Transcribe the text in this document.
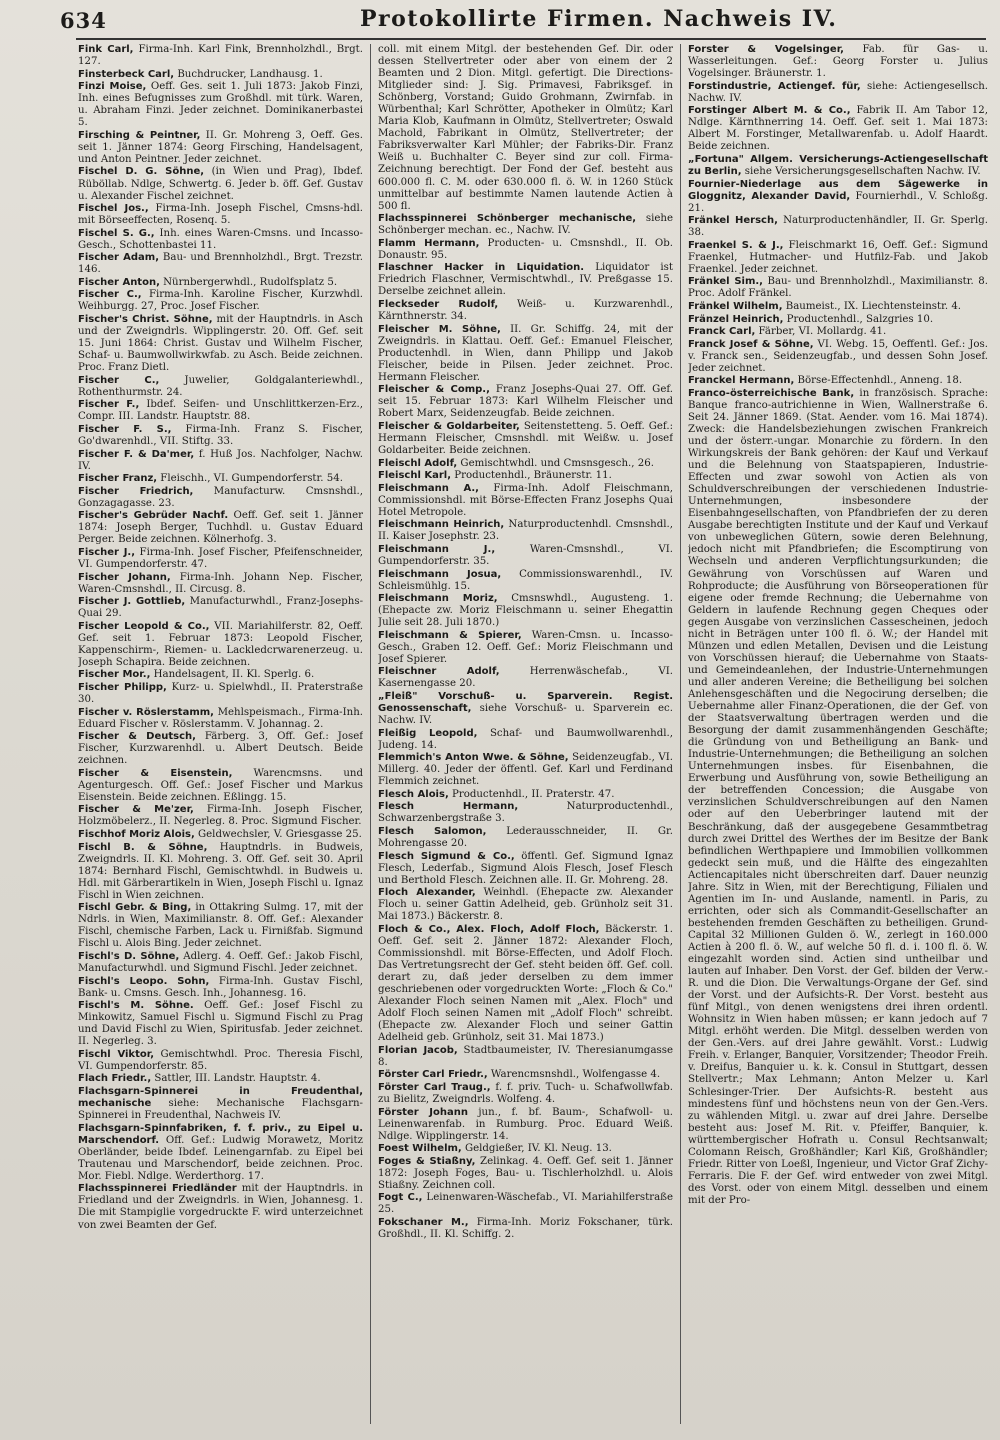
634	Protokollirte Firmen. Nachweis IV.

Fink Carl, Firma-Inh. Karl Fink, Brennholzhdl., Brgt. 127.

Finsterbeck Carl, Buchdrucker, Landhausg. 1.

Finzi Moise, Oeff. Ges. seit 1. Juli 1873: Jakob Finzi, Inh. eines Befugnisses zum Großhdl. mit türk. Waren, u. Abraham Finzi. Jeder zeichnet. Dominikanerbastei 5.

Firsching & Peintner, II. Gr. Mohreng 3, Oeff. Ges. seit 1. Jänner 1874: Georg Firsching, Handelsagent, und Anton Peintner. Jeder zeichnet.

Fischel D. G. Söhne, (in Wien und Prag), Ibdef. Rüböllab. Ndlge, Schwertg. 6. Jeder b. öff. Gef. Gustav u. Alexander Fischel zeichnet.

Fischel Jos., Firma-Inh. Joseph Fischel, Cmsns-hdl. mit Börseeffecten, Rosenq. 5.

Fischel S. G., Inh. eines Waren-Cmsns. und Incasso-Gesch., Schottenbastei 11.

Fischer Adam, Bau- und Brennholzhdl., Brgt. Trezstr. 146.

Fischer Anton, Nürnbergerwhdl., Rudolfsplatz 5.

Fischer C., Firma-Inh. Karoline Fischer, Kurzwhdl. Weihburgg. 27, Proc. Josef Fischer.

Fischer's Christ. Söhne, mit der Hauptndrls. in Asch und der Zweigndrls. Wipplingerstr. 20. Off. Gef. seit 15. Juni 1864: Christ. Gustav und Wilhelm Fischer, Schaf- u. Baumwollwirkwfab. zu Asch. Beide zeichnen. Proc. Franz Dietl.

Fischer C., Juwelier, Goldgalanteriewhdl., Rothenthurmstr. 24.

Fischer F., Ibdef. Seifen- und Unschlittkerzen-Erz., Compr. III. Landstr. Hauptstr. 88.

Fischer F. S., Firma-Inh. Franz S. Fischer, Go'dwarenhdl., VII. Stiftg. 33.

Fischer F. & Da'mer, f. Huß Jos. Nachfolger, Nachw. IV.

Fischer Franz, Fleischh., VI. Gumpendorferstr. 54.

Fischer Friedrich, Manufacturw. Cmsnshdl., Gonzagagasse. 23.

Fischer's Gebrüder Nachf. Oeff. Gef. seit 1. Jänner 1874: Joseph Berger, Tuchhdl. u. Gustav Eduard Perger. Beide zeichnen. Kölnerhofg. 3.

Fischer J., Firma-Inh. Josef Fischer, Pfeifenschneider, VI. Gumpendorferstr. 47.

Fischer Johann, Firma-Inh. Johann Nep. Fischer, Waren-Cmsnshdl., II. Circusg. 8.

Fischer J. Gottlieb, Manufacturwhdl., Franz-Josephs-Quai 29.

Fischer Leopold & Co., VII. Mariahilferstr. 82, Oeff. Gef. seit 1. Februar 1873: Leopold Fischer, Kappenschirm-, Riemen- u. Lackledcrwarenerzeug. u. Joseph Schapira. Beide zeichnen.

Fischer Mor., Handelsagent, II. Kl. Sperlg. 6.

Fischer Philipp, Kurz- u. Spielwhdl., II. Praterstraße 30.

Fischer v. Röslerstamm, Mehlspeismach., Firma-Inh. Eduard Fischer v. Röslerstamm. V. Johannag. 2.

Fischer & Deutsch, Färberg. 3, Off. Gef.: Josef Fischer, Kurzwarenhdl. u. Albert Deutsch. Beide zeichnen.

Fischer & Eisenstein, Warencmsns. und Agenturgesch. Off. Gef.: Josef Fischer und Markus Eisenstein. Beide zeichnen. Eßlingg. 15.

Fischer & Me'zer, Firma-Inh. Joseph Fischer, Holzmöbelerz., II. Negerleg. 8. Proc. Sigmund Fischer.

Fischhof Moriz Alois, Geldwechsler, V. Griesgasse 25.

Fischl B. & Söhne, Hauptndrls. in Budweis, Zweigndrls. II. Kl. Mohreng. 3. Off. Gef. seit 30. April 1874: Bernhard Fischl, Gemischtwhdl. in Budweis u. Hdl. mit Gärberartikeln in Wien, Joseph Fischl u. Ignaz Fischl in Wien zeichnen.

Fischl Gebr. & Bing, in Ottakring Sulmg. 17, mit der Ndrls. in Wien, Maximilianstr. 8. Off. Gef.: Alexander Fischl, chemische Farben, Lack u. Firnißfab. Sigmund Fischl u. Alois Bing. Jeder zeichnet.

Fischl's D. Söhne, Adlerg. 4. Oeff. Gef.: Jakob Fischl, Manufacturwhdl. und Sigmund Fischl. Jeder zeichnet.

Fischl's Leopo. Sohn, Firma-Inh. Gustav Fischl, Bank- u. Cmsns. Gesch. Inh., Johannesg. 16.

Fischl's M. Söhne. Oeff. Gef.: Josef Fischl zu Minkowitz, Samuel Fischl u. Sigmund Fischl zu Prag und David Fischl zu Wien, Spiritusfab. Jeder zeichnet. II. Negerleg. 3.

Fischl Viktor, Gemischtwhdl. Proc. Theresia Fischl, VI. Gumpendorferstr. 85.

Flach Friedr., Sattler, III. Landstr. Hauptstr. 4.

Flachsgarn-Spinnerei in Freudenthal, mechanische siehe: Mechanische Flachsgarn-Spinnerei in Freudenthal, Nachweis IV.

Flachsgarn-Spinnfabriken, f. f. priv., zu Eipel u. Marschendorf. Off. Gef.: Ludwig Morawetz, Moritz Oberländer, beide Ibdef. Leinengarnfab. zu Eipel bei Trautenau und Marschendorf, beide zeichnen. Proc. Mor. Fiebl. Ndlge. Werderthorg. 17.

Flachsspinnerei Friedländer mit der Hauptndrls. in Friedland und der Zweigndrls. in Wien, Johannesg. 1. Die mit Stampiglie vorgedruckte F. wird unterzeichnet von zwei Beamten der Gef.

coll. mit einem Mitgl. der bestehenden Gef. Dir. oder dessen Stellvertreter oder aber von einem der 2 Beamten und 2 Dion. Mitgl. gefertigt. Die Directions-Mitglieder sind: J. Sig. Primavesi, Fabriksgef. in Schönberg, Vorstand; Guido Grohmann, Zwirnfab. in Würbenthal; Karl Schrötter, Apotheker in Olmütz; Karl Maria Klob, Kaufmann in Olmütz, Stellvertreter; Oswald Machold, Fabrikant in Olmütz, Stellvertreter; der Fabriksverwalter Karl Mühler; der Fabriks-Dir. Franz Weiß u. Buchhalter C. Beyer sind zur coll. Firma-Zeichnung berechtigt. Der Fond der Gef. besteht aus 600.000 fl. C. M. oder 630.000 fl. ö. W. in 1260 Stück unmittelbar auf bestimmte Namen lautende Actien à 500 fl.

Flachsspinnerei Schönberger mechanische, siehe Schönberger mechan. ec., Nachw. IV.

Flamm Hermann, Producten- u. Cmsnshdl., II. Ob. Donaustr. 95.

Flaschner Hacker in Liquidation. Liquidator ist Friedrich Flaschner, Vermischtwhdl., IV. Preßgasse 15. Derselbe zeichnet allein.

Fleckseder Rudolf, Weiß- u. Kurzwarenhdl., Kärnthnerstr. 34.

Fleischer M. Söhne, II. Gr. Schiffg. 24, mit der Zweigndrls. in Klattau. Oeff. Gef.: Emanuel Fleischer, Productenhdl. in Wien, dann Philipp und Jakob Fleischer, beide in Pilsen. Jeder zeichnet. Proc. Hermann Fleischer.

Fleischer & Comp., Franz Josephs-Quai 27. Off. Gef. seit 15. Februar 1873: Karl Wilhelm Fleischer und Robert Marx, Seidenzeugfab. Beide zeichnen.

Fleischer & Goldarbeiter, Seitenstetteng. 5. Oeff. Gef.: Hermann Fleischer, Cmsnshdl. mit Weißw. u. Josef Goldarbeiter. Beide zeichnen.

Fleischl Adolf, Gemischtwhdl. und Cmsnsgesch., 26.

Fleischl Karl, Productenhdl., Bräunerstr. 11.

Fleischmann A., Firma-Inh. Adolf Fleischmann, Commissionshdl. mit Börse-Effecten Franz Josephs Quai Hotel Metropole.

Fleischmann Heinrich, Naturproductenhdl. Cmsnshdl., II. Kaiser Josephstr. 23.

Fleischmann J., Waren-Cmsnshdl., VI. Gumpendorferstr. 35.

Fleischmann Josua, Commissionswarenhdl., IV. Schleismühlg. 15.

Fleischmann Moriz, Cmsnswhdl., Augusteng. 1. (Ehepacte zw. Moriz Fleischmann u. seiner Ehegattin Julie seit 28. Juli 1870.)

Fleischmann & Spierer, Waren-Cmsn. u. Incasso-Gesch., Graben 12. Oeff. Gef.: Moriz Fleischmann und Josef Spierer.

Fleischner Adolf, Herrenwäschefab., VI. Kasernengasse 20.

„Fleiß" Vorschuß- u. Sparverein. Regist. Genossenschaft, siehe Vorschuß- u. Sparverein ec. Nachw. IV.

Fleißig Leopold, Schaf- und Baumwollwarenhdl., Judeng. 14.

Flemmich's Anton Wwe. & Söhne, Seidenzeugfab., VI. Millerg. 40. Jeder der öffentl. Gef. Karl und Ferdinand Flemmich zeichnet.

Flesch Alois, Productenhdl., II. Praterstr. 47.

Flesch Hermann, Naturproductenhdl., Schwarzenbergstraße 3.

Flesch Salomon, Lederausschneider, II. Gr. Mohrengasse 20.

Flesch Sigmund & Co., öffentl. Gef. Sigmund Ignaz Flesch, Lederfab., Sigmund Alois Flesch, Josef Flesch und Berthold Flesch. Zeichnen alle. II. Gr. Mohreng. 28.

Floch Alexander, Weinhdl. (Ehepacte zw. Alexander Floch u. seiner Gattin Adelheid, geb. Grünholz seit 31. Mai 1873.) Bäckerstr. 8.

Floch & Co., Alex. Floch, Adolf Floch, Bäckerstr. 1. Oeff. Gef. seit 2. Jänner 1872: Alexander Floch, Commissionshdl. mit Börse-Effecten, und Adolf Floch. Das Vertretungsrecht der Gef. steht beiden öff. Gef. coll. derart zu, daß jeder derselben zu dem immer geschriebenen oder vorgedruckten Worte: „Floch & Co." Alexander Floch seinen Namen mit „Alex. Floch" und Adolf Floch seinen Namen mit „Adolf Floch" schreibt. (Ehepacte zw. Alexander Floch und seiner Gattin Adelheid geb. Grünholz, seit 31. Mai 1873.)

Florian Jacob, Stadtbaumeister, IV. Theresianumgasse 8.

Förster Carl Friedr., Warencmsnshdl., Wolfengasse 4.

Förster Carl Traug., f. f. priv. Tuch- u. Schafwollwfab. zu Bielitz, Zweigndrls. Wolfeng. 4.

Förster Johann jun., f. bf. Baum-, Schafwoll- u. Leinenwarenfab. in Rumburg. Proc. Eduard Weiß. Ndlge. Wipplingerstr. 14.

Foest Wilhelm, Geldgießer, IV. Kl. Neug. 13.

Foges & Stiaßny, Zelinkag. 4. Oeff. Gef. seit 1. Jänner 1872: Joseph Foges, Bau- u. Tischlerholzhdl. u. Alois Stiaßny. Zeichnen coll.

Fogt C., Leinenwaren-Wäschefab., VI. Mariahilferstraße 25.

Fokschaner M., Firma-Inh. Moriz Fokschaner, türk. Großhdl., II. Kl. Schiffg. 2.

Forster & Vogelsinger, Fab. für Gas- u. Wasserleitungen. Gef.: Georg Forster u. Julius Vogelsinger. Bräunerstr. 1.

Forstindustrie, Actiengef. für, siehe: Actiengesellsch. Nachw. IV.

Forstinger Albert M. & Co., Fabrik II. Am Tabor 12, Ndlge. Kärnthnerring 14. Oeff. Gef. seit 1. Mai 1873: Albert M. Forstinger, Metallwarenfab. u. Adolf Haardt. Beide zeichnen.

„Fortuna" Allgem. Versicherungs-Actiengesellschaft zu Berlin, siehe Versicherungsgesellschaften Nachw. IV.

Fournier-Niederlage aus dem Sägewerke in Gloggnitz, Alexander David, Fournierhdl., V. Schloßg. 21.

Fränkel Hersch, Naturproductenhändler, II. Gr. Sperlg. 38.

Fraenkel S. & J., Fleischmarkt 16, Oeff. Gef.: Sigmund Fraenkel, Hutmacher- und Hutfilz-Fab. und Jakob Fraenkel. Jeder zeichnet.

Fränkel Sim., Bau- und Brennholzhdl., Maximilianstr. 8. Proc. Adolf Fränkel.

Fränkel Wilhelm, Baumeist., IX. Liechtensteinstr. 4.

Fränzel Heinrich, Productenhdl., Salzgries 10.

Franck Carl, Färber, VI. Mollardg. 41.

Franck Josef & Söhne, VI. Webg. 15, Oeffentl. Gef.: Jos. v. Franck sen., Seidenzeugfab., und dessen Sohn Josef. Jeder zeichnet.

Franckel Hermann, Börse-Effectenhdl., Anneng. 18.

Franco-österreichische Bank, in französisch. Sprache: Banque franco-autrichienne in Wien, Wallnerstraße 6. Seit 24. Jänner 1869. (Stat. Aender. vom 16. Mai 1874). Zweck: die Handelsbeziehungen zwischen Frankreich und der österr.-ungar. Monarchie zu fördern. In den Wirkungskreis der Bank gehören: der Kauf und Verkauf und die Belehnung von Staatspapieren, Industrie-Effecten und zwar sowohl von Actien als von Schuldverschreibungen der verschiedenen Industrie-Unternehmungen, insbesondere der Eisenbahngesellschaften, von Pfandbriefen der zu deren Ausgabe berechtigten Institute und der Kauf und Verkauf von unbeweglichen Gütern, sowie deren Belehnung, jedoch nicht mit Pfandbriefen; die Escomptirung von Wechseln und anderen Verpflichtungsurkunden; die Gewährung von Vorschüssen auf Waren und Rohproducte; die Ausführung von Börseoperationen für eigene oder fremde Rechnung; die Uebernahme von Geldern in laufende Rechnung gegen Cheques oder gegen Ausgabe von verzinslichen Cassescheinen, jedoch nicht in Beträgen unter 100 fl. ö. W.; der Handel mit Münzen und edlen Metallen, Devisen und die Leistung von Vorschüssen hierauf; die Uebernahme von Staats- und Gemeindeanlehen, der Industrie-Unternehmungen und aller anderen Vereine; die Betheiligung bei solchen Anlehensgeschäften und die Negocirung derselben; die Uebernahme aller Finanz-Operationen, die der Gef. von der Staatsverwaltung übertragen werden und die Besorgung der damit zusammenhängenden Geschäfte; die Gründung von und Betheiligung an Bank- und Industrie-Unternehmungen; die Betheiligung an solchen Unternehmungen insbes. für Eisenbahnen, die Erwerbung und Ausführung von, sowie Betheiligung an der betreffenden Concession; die Ausgabe von verzinslichen Schuldverschreibungen auf den Namen oder auf den Ueberbringer lautend mit der Beschränkung, daß der ausgegebene Gesammtbetrag durch zwei Drittel des Werthes der im Besitze der Bank befindlichen Werthpapiere und Immobilien vollkommen gedeckt sein muß, und die Hälfte des eingezahlten Actiencapitales nicht überschreiten darf. Dauer neunzig Jahre. Sitz in Wien, mit der Berechtigung, Filialen und Agentien im In- und Auslande, namentl. in Paris, zu errichten, oder sich als Commandit-Gesellschafter an bestehenden fremden Geschäften zu betheiligen. Grund-Capital 32 Millionen Gulden ö. W., zerlegt in 160.000 Actien à 200 fl. ö. W., auf welche 50 fl. d. i. 100 fl. ö. W. eingezahlt worden sind. Actien sind untheilbar und lauten auf Inhaber. Den Vorst. der Gef. bilden der Verw.-R. und die Dion. Die Verwaltungs-Organe der Gef. sind der Vorst. und der Aufsichts-R. Der Vorst. besteht aus fünf Mitgl., von denen wenigstens drei ihren ordentl. Wohnsitz in Wien haben müssen; er kann jedoch auf 7 Mitgl. erhöht werden. Die Mitgl. desselben werden von der Gen.-Vers. auf drei Jahre gewählt. Vorst.: Ludwig Freih. v. Erlanger, Banquier, Vorsitzender; Theodor Freih. v. Dreifus, Banquier u. k. k. Consul in Stuttgart, dessen Stellvertr.; Max Lehmann; Anton Melzer u. Karl Schlesinger-Trier. Der Aufsichts-R. besteht aus mindestens fünf und höchstens neun von der Gen.-Vers. zu wählenden Mitgl. u. zwar auf drei Jahre. Derselbe besteht aus: Josef M. Rit. v. Pfeiffer, Banquier, k. württembergischer Hofrath u. Consul Rechtsanwalt; Colomann Reisch, Großhändler; Karl Kiß, Großhändler; Friedr. Ritter von Loeßl, Ingenieur, und Victor Graf Zichy-Ferraris. Die F. der Gef. wird entweder von zwei Mitgl. des Vorst. oder von einem Mitgl. desselben und einem mit der Pro-
